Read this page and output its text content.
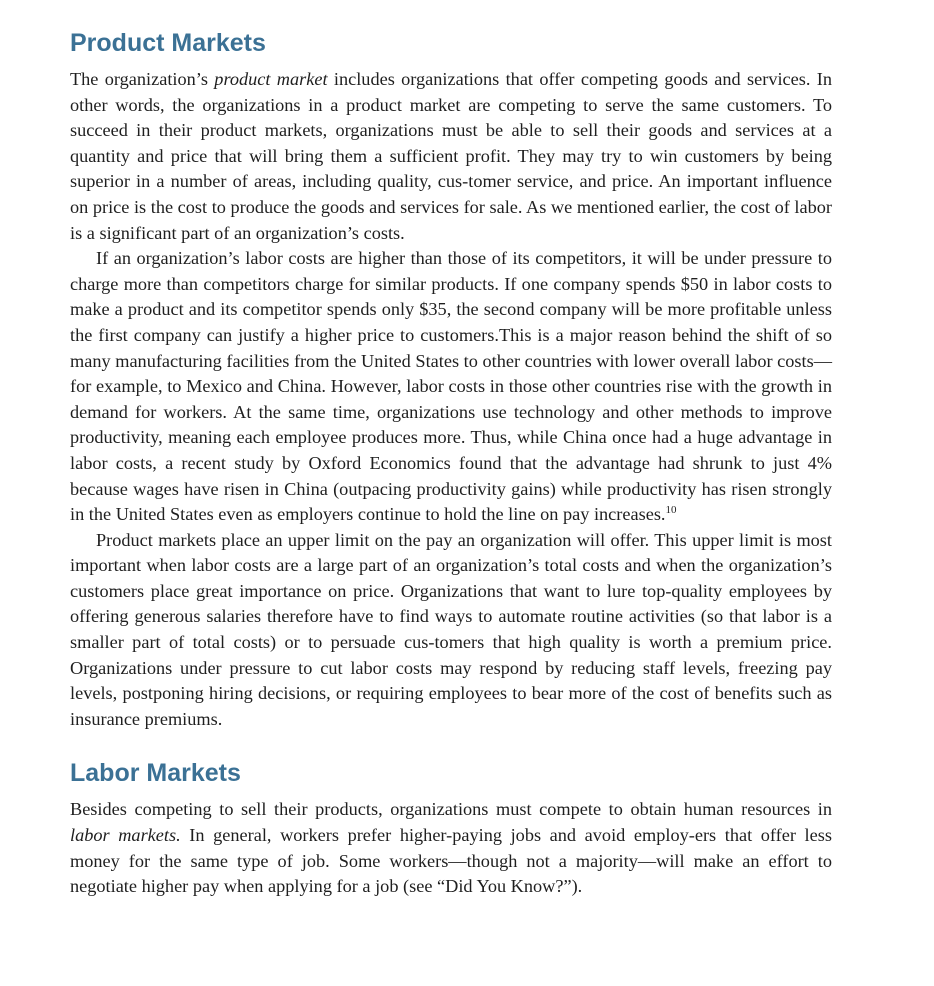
Product Markets

The organization’s product market includes organizations that offer competing goods and services. In other words, the organizations in a product market are competing to serve the same customers. To succeed in their product markets, organizations must be able to sell their goods and services at a quantity and price that will bring them a sufficient profit. They may try to win customers by being superior in a number of areas, including quality, cus-tomer service, and price. An important influence on price is the cost to produce the goods and services for sale. As we mentioned earlier, the cost of labor is a significant part of an organization’s costs.

If an organization’s labor costs are higher than those of its competitors, it will be under pressure to charge more than competitors charge for similar products. If one company spends $50 in labor costs to make a product and its competitor spends only $35, the second company will be more profitable unless the first company can justify a higher price to customers.This is a major reason behind the shift of so many manufacturing facilities from the United States to other countries with lower overall labor costs—for example, to Mexico and China. However, labor costs in those other countries rise with the growth in demand for workers. At the same time, organizations use technology and other methods to improve productivity, meaning each employee produces more. Thus, while China once had a huge advantage in labor costs, a recent study by Oxford Economics found that the advantage had shrunk to just 4% because wages have risen in China (outpacing productivity gains) while productivity has risen strongly in the United States even as employers continue to hold the line on pay increases.$^{10}$

Product markets place an upper limit on the pay an organization will offer. This upper limit is most important when labor costs are a large part of an organization’s total costs and when the organization’s customers place great importance on price. Organizations that want to lure top-quality employees by offering generous salaries therefore have to find ways to automate routine activities (so that labor is a smaller part of total costs) or to persuade cus-tomers that high quality is worth a premium price. Organizations under pressure to cut labor costs may respond by reducing staff levels, freezing pay levels, postponing hiring decisions, or requiring employees to bear more of the cost of benefits such as insurance premiums.

Labor Markets

Besides competing to sell their products, organizations must compete to obtain human resources in labor markets. In general, workers prefer higher-paying jobs and avoid employ-ers that offer less money for the same type of job. Some workers—though not a majority—will make an effort to negotiate higher pay when applying for a job (see “Did You Know?”).
